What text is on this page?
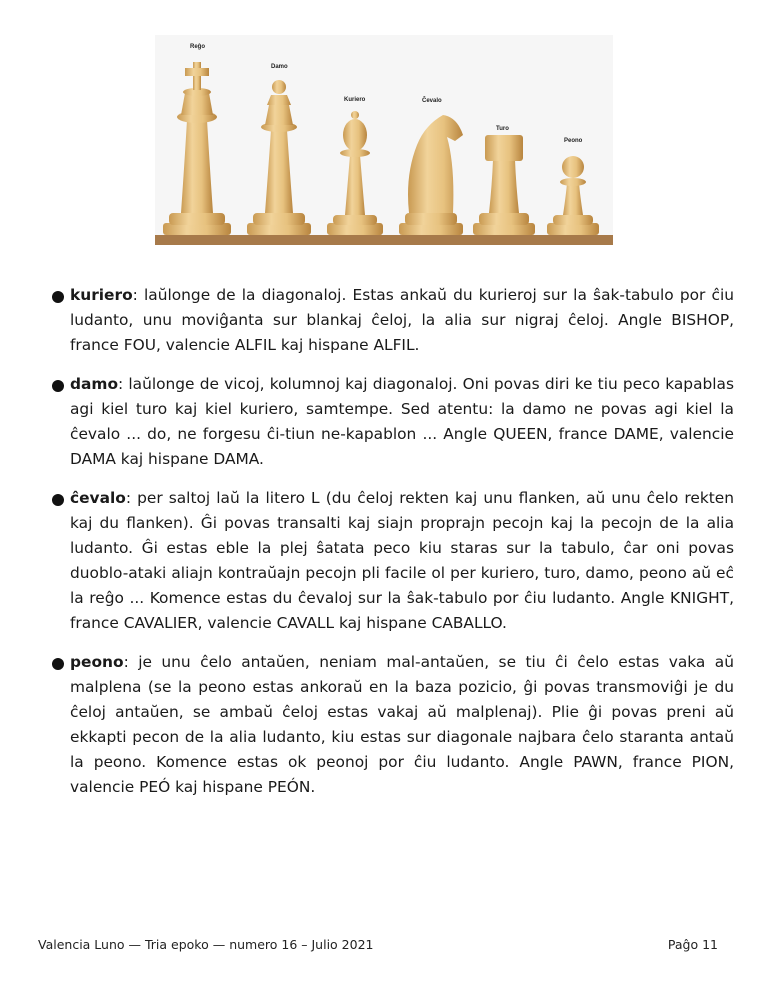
Reĝo
Damo
Kuriero	Ĉevalo
Turo
Peono

kuriero: laŭlonge de la diagonaloj. Estas ankaŭ du kurieroj sur la ŝak-tabulo por ĉiu ludanto, unu moviĝanta sur blankaj ĉeloj, la alia sur nigraj ĉeloj. Angle BISHOP, france FOU, valencie ALFIL kaj hispane ALFIL.

damo: laŭlonge de vicoj, kolumnoj kaj diagonaloj. Oni povas diri ke tiu peco kapablas agi kiel turo kaj kiel kuriero, samtempe. Sed atentu: la damo ne povas agi kiel la ĉevalo ... do, ne forgesu ĉi-tiun ne-kapablon ... Angle QUEEN, france DAME, valencie DAMA kaj hispane DAMA.

ĉevalo: per saltoj laŭ la litero L (du ĉeloj rekten kaj unu flanken, aŭ unu ĉelo rekten kaj du flanken). Ĝi povas transalti kaj siajn proprajn pecojn kaj la pecojn de la alia ludanto. Ĝi estas eble la plej ŝatata peco kiu staras sur la tabulo, ĉar oni povas duoblo-ataki aliajn kontraŭajn pecojn pli facile ol per kuriero, turo, damo, peono aŭ eĉ la reĝo ... Komence estas du ĉevaloj sur la ŝak-tabulo por ĉiu ludanto. Angle KNIGHT, france CAVALIER, valencie CAVALL kaj hispane CABALLO.

peono: je unu ĉelo antaŭen, neniam mal-antaŭen, se tiu ĉi ĉelo estas vaka aŭ malplena (se la peono estas ankoraŭ en la baza pozicio, ĝi povas transmoviĝi je du ĉeloj antaŭen, se ambaŭ ĉeloj estas vakaj aŭ malplenaj). Plie ĝi povas preni aŭ ekkapti pecon de la alia ludanto, kiu estas sur diagonale najbara ĉelo staranta antaŭ la peono. Komence estas ok peonoj por ĉiu ludanto. Angle PAWN, france PION, valencie PEÓ kaj hispane PEÓN.

Valencia Luno — Tria epoko — numero 16 – Julio 2021	Paĝo 11
